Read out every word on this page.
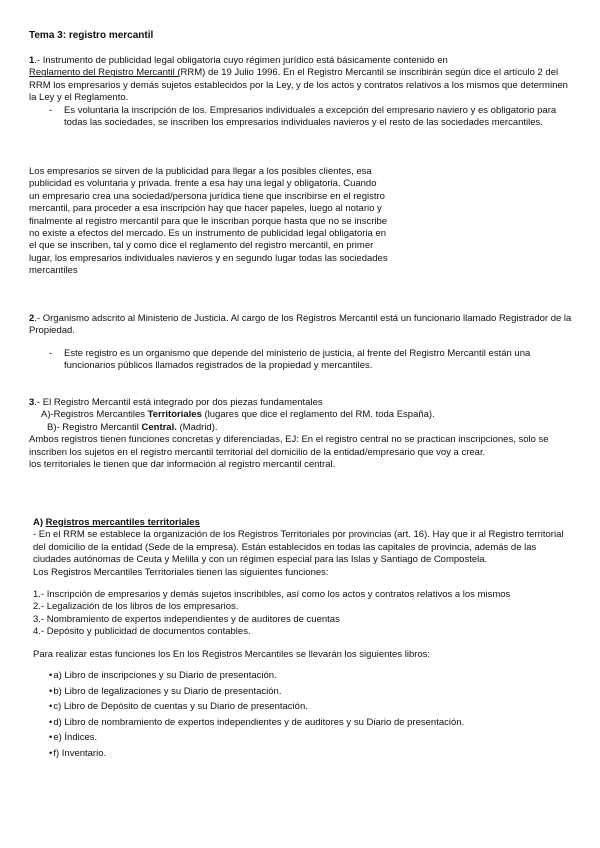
Tema 3: registro mercantil

1.- Instrumento de publicidad legal obligatoria cuyo régimen jurídico está básicamente contenido en
Reglamento del Registro Mercantil (RRM) de 19 Julio 1996. En el Registro Mercantil se inscribirán según dice el artículo 2 del RRM los empresarios y demás sujetos establecidos por la Ley, y de los actos y contratos relativos a los mismos que determinen la Ley y el Reglamento.

- Es voluntaria la inscripción de los. Empresarios individuales a excepción del empresario naviero y es obligatorio para todas las sociedades, se inscriben los empresarios individuales navieros y el resto de las sociedades mercantiles.

Los empresarios se sirven de la publicidad para llegar a los posibles clientes, esa

publicidad es voluntaria y privada. frente a esa hay una legal y obligatoria. Cuando

un empresario crea una sociedad/persona jurídica tiene que inscribirse en el registro

mercantil, para proceder a esa inscripción hay que hacer papeles, luego al notario y

finalmente al registro mercantil para que le inscriban porque hasta que no se inscribe

no existe a efectos del mercado. Es un instrumento de publicidad legal obligatoria en

el que se inscriben, tal y como dice el reglamento del registro mercantil, en primer

lugar, los empresarios individuales navieros y en segundo lugar todas las sociedades

mercantiles

2.- Organismo adscrito al Ministerio de Justicia. Al cargo de los Registros Mercantil está un funcionario llamado Registrador de la Propiedad.

- Este registro es un organismo que depende del ministerio de justicia, al frente del Registro Mercantil están una funcionarios públicos llamados registrados de la propiedad y mercantiles.

3.- El Registro Mercantil está integrado por dos piezas fundamentales

A)-Registros Mercantiles Territoriales (lugares que dice el reglamento del RM. toda España).

B)- Registro Mercantil Central. (Madrid).

Ambos registros tienen funciones concretas y diferenciadas, EJ: En el registro central no se practican inscripciones, solo se inscriben los sujetos en el registro mercantil territorial del domicilio de la entidad/empresario que voy a crear.

los territoriales le tienen que dar información al registro mercantil central.

A) Registros mercantiles territoriales

- En el RRM se establece la organización de los Registros Territoriales por provincias (art. 16). Hay que ir al Registro territorial del domicilio de la entidad (Sede de la empresa). Están establecidos en todas las capitales de provincia, además de las ciudades autónomas de Ceuta y Melilla y con un régimen especial para las Islas y Santiago de Compostela.

Los Registros Mercantiles Territoriales tienen las siguientes funciones:

1.- Inscripción de empresarios y demás sujetos inscribibles, así como los actos y contratos relativos a los mismos

2.- Legalización de los libros de los empresarios.

3.- Nombramiento de expertos independientes y de auditores de cuentas

4.- Depósito y publicidad de documentos contables.

Para realizar estas funciones los En los Registros Mercantiles se llevarán los siguientes libros:

•a) Libro de inscripciones y su Diario de presentación.

•b) Libro de legalizaciones y su Diario de presentación.

•c) Libro de Depósito de cuentas y su Diario de presentación.

•d) Libro de nombramiento de expertos independientes y de auditores y su Diario de presentación.

•e) Índices.

•f) Inventario.
